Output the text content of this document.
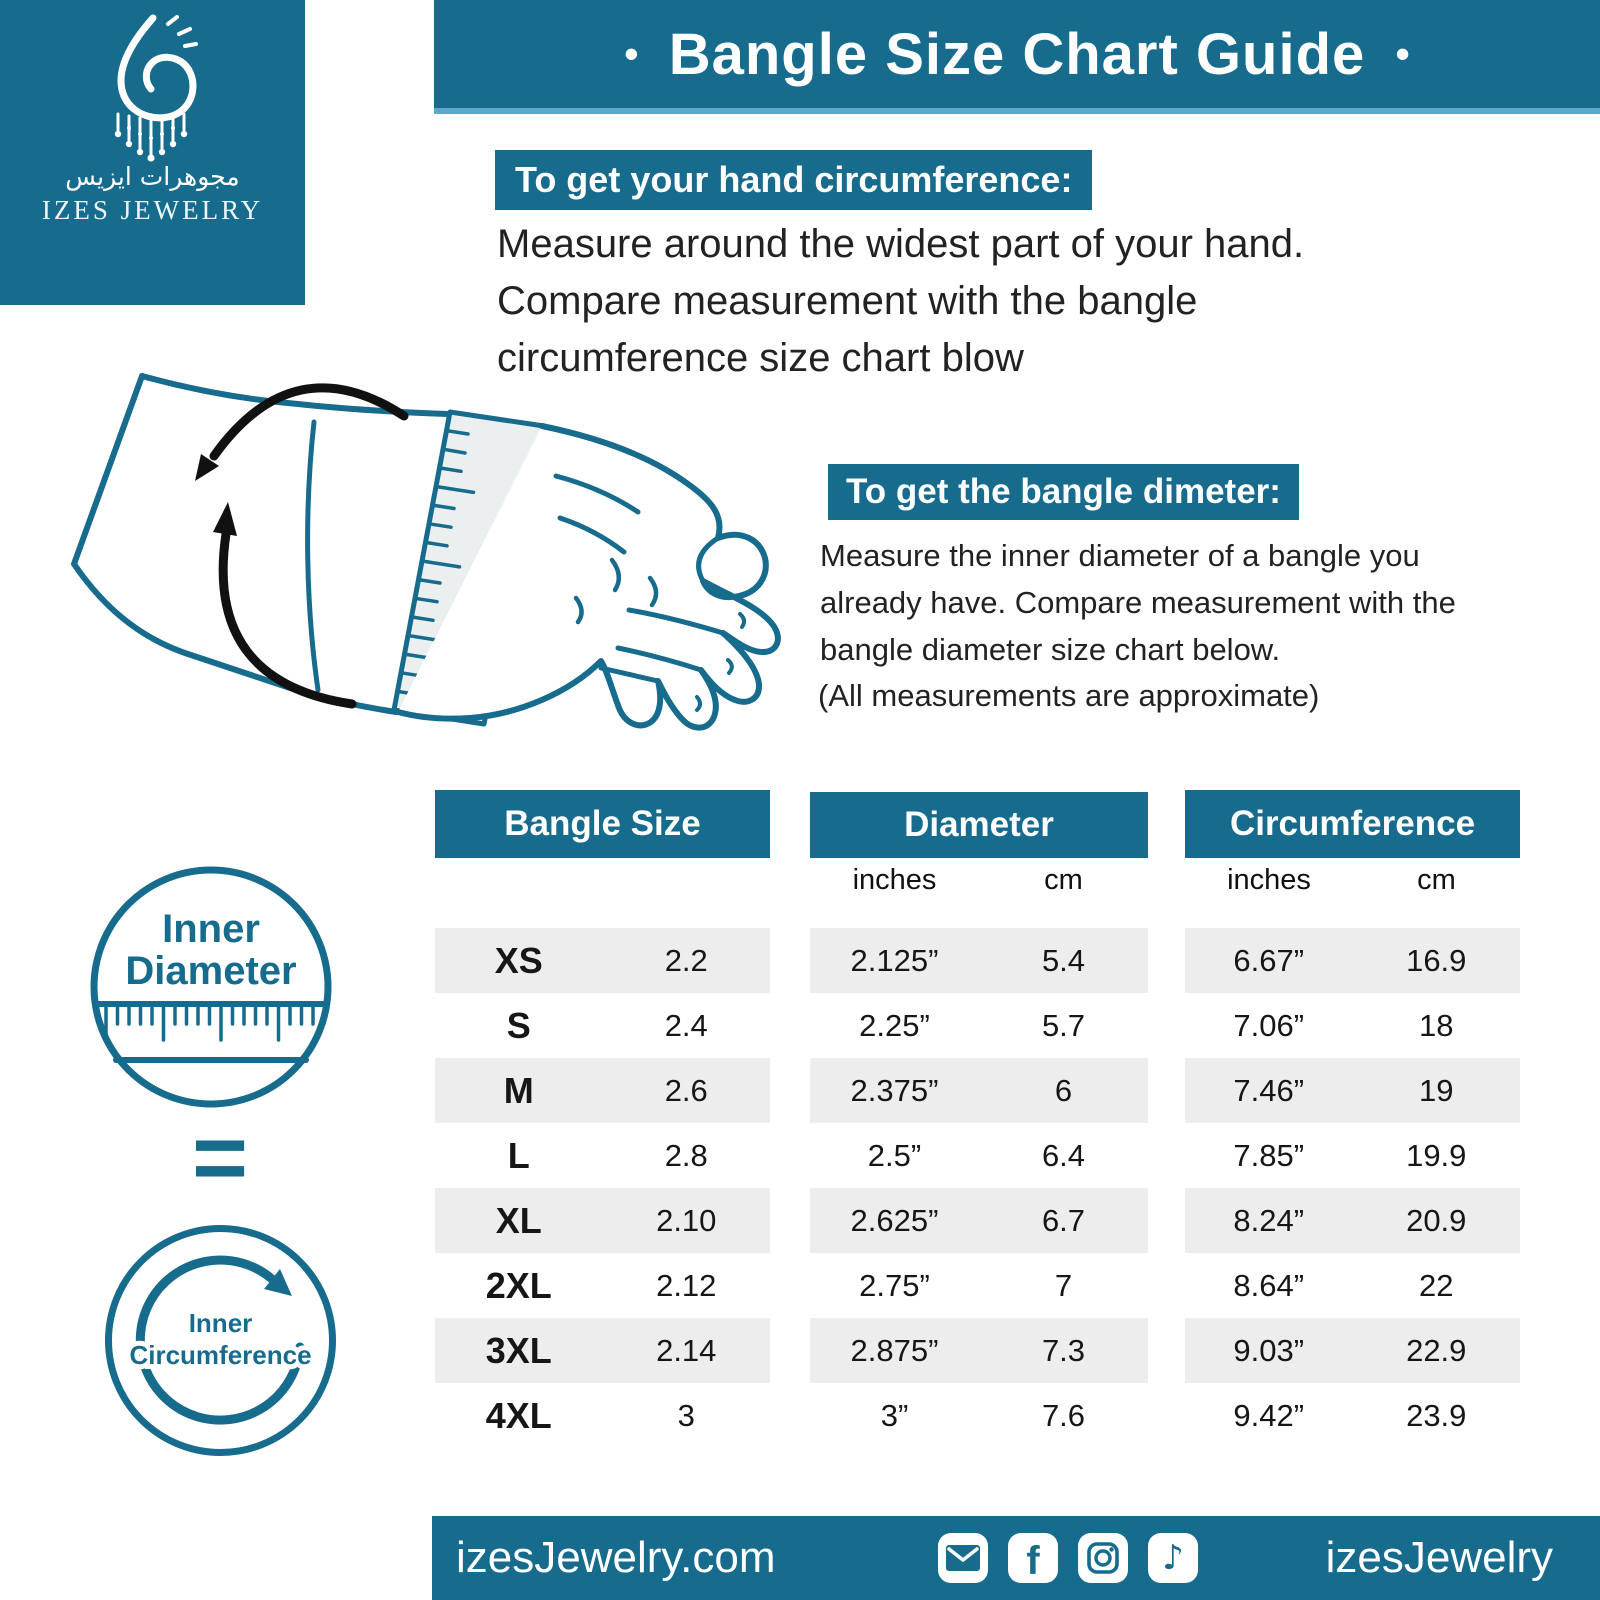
مجوهرات ايزيس
IZES JEWELRY
• Bangle Size Chart Guide •
To get your hand circumference:
Measure around the widest part of your hand.
Compare measurement with the bangle
circumference size chart blow
To get the bangle dimeter:
Measure the inner diameter of a bangle you
already have. Compare measurement with the
bangle diameter size chart below.
(All measurements are approximate)
Bangle Size	Diameter	Circumference
inches	cm	inches	cm
XS	2.2	2.125”	5.4	6.67”	16.9
S	2.4	2.25”	5.7	7.06”	18
M	2.6	2.375”	6	7.46”	19
L	2.8	2.5”	6.4	7.85”	19.9
XL	2.10	2.625”	6.7	8.24”	20.9
2XL	2.12	2.75”	7	8.64”	22
3XL	2.14	2.875”	7.3	9.03”	22.9
4XL	3	3”	7.6	9.42”	23.9
Inner
Diameter
=
Inner
Circumference
izesJewelry.com	f	♪	izesJewelry
